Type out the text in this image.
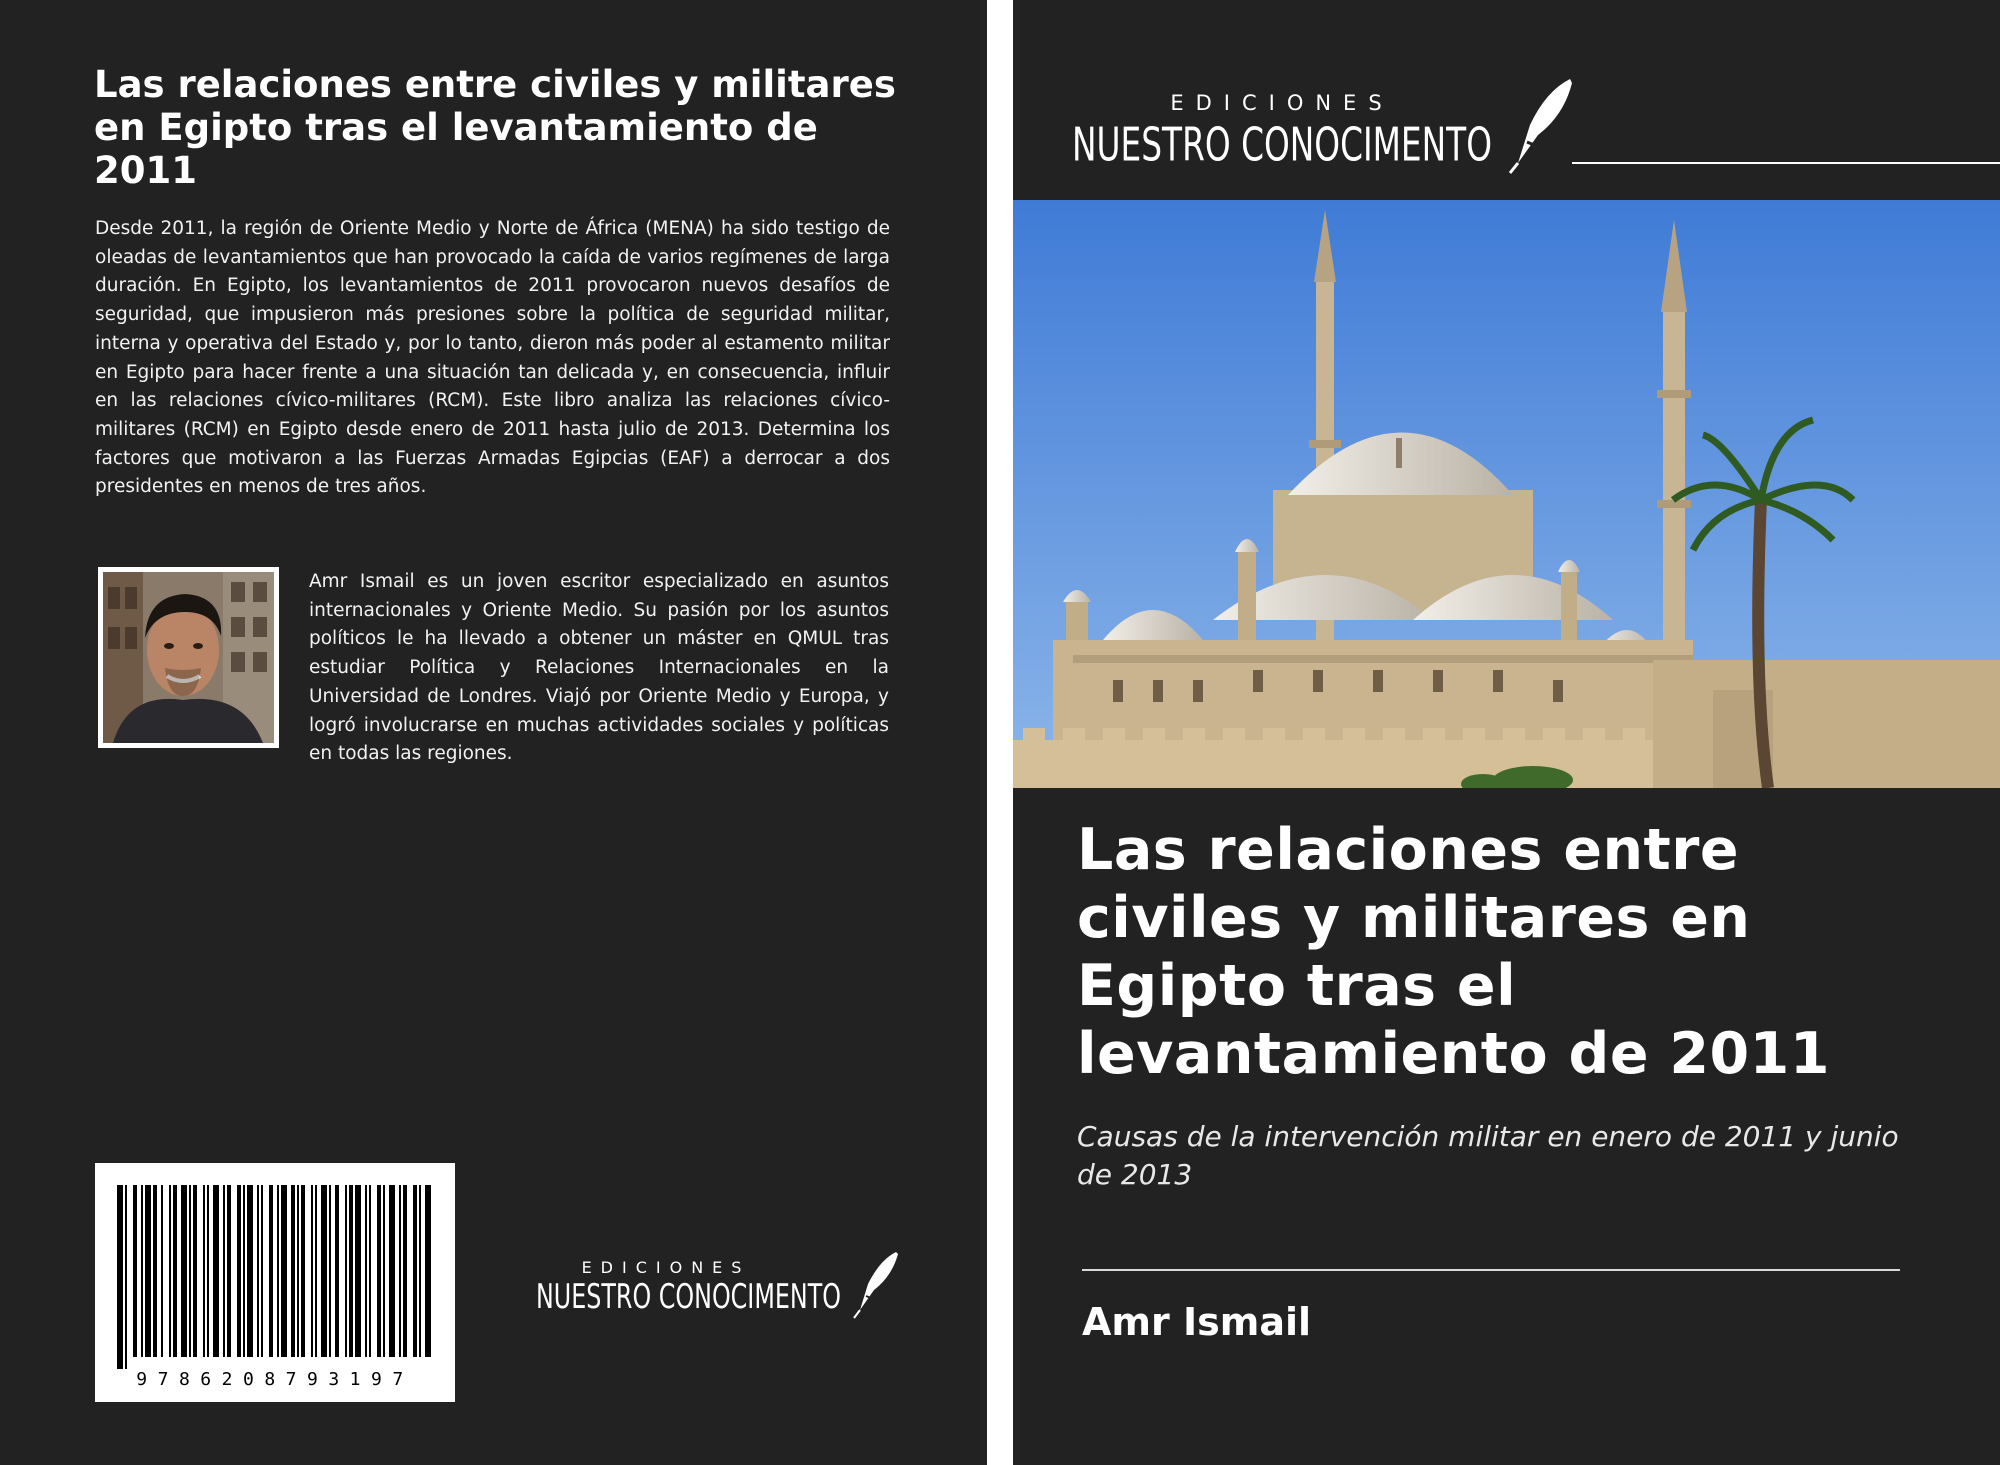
Las relaciones entre civiles y militares en Egipto tras el levantamiento de 2011

Desde 2011, la región de Oriente Medio y Norte de África (MENA) ha sido testigo de oleadas de levantamientos que han provocado la caída de varios regímenes de larga duración. En Egipto, los levantamientos de 2011 provocaron nuevos desafíos de seguridad, que impusieron más presiones sobre la política de seguridad militar, interna y operativa del Estado y, por lo tanto, dieron más poder al estamento militar en Egipto para hacer frente a una situación tan delicada y, en consecuencia, influir en las relaciones cívico-militares (RCM). Este libro analiza las relaciones cívico-militares (RCM) en Egipto desde enero de 2011 hasta julio de 2013. Determina los factores que motivaron a las Fuerzas Armadas Egipcias (EAF) a derrocar a dos presidentes en menos de tres años.

Amr Ismail es un joven escritor especializado en asuntos internacionales y Oriente Medio. Su pasión por los asuntos políticos le ha llevado a obtener un máster en QMUL tras estudiar Política y Relaciones Internacionales en la Universidad de Londres. Viajó por Oriente Medio y Europa, y logró involucrarse en muchas actividades sociales y políticas en todas las regiones.

9786208793197
EDICIONES
NUESTRO CONOCIMENTO
EDICIONES
NUESTRO CONOCIMENTO
Las relaciones entre civiles y militares en Egipto tras el levantamiento de 2011

Causas de la intervención militar en enero de 2011 y junio de 2013

Amr Ismail
